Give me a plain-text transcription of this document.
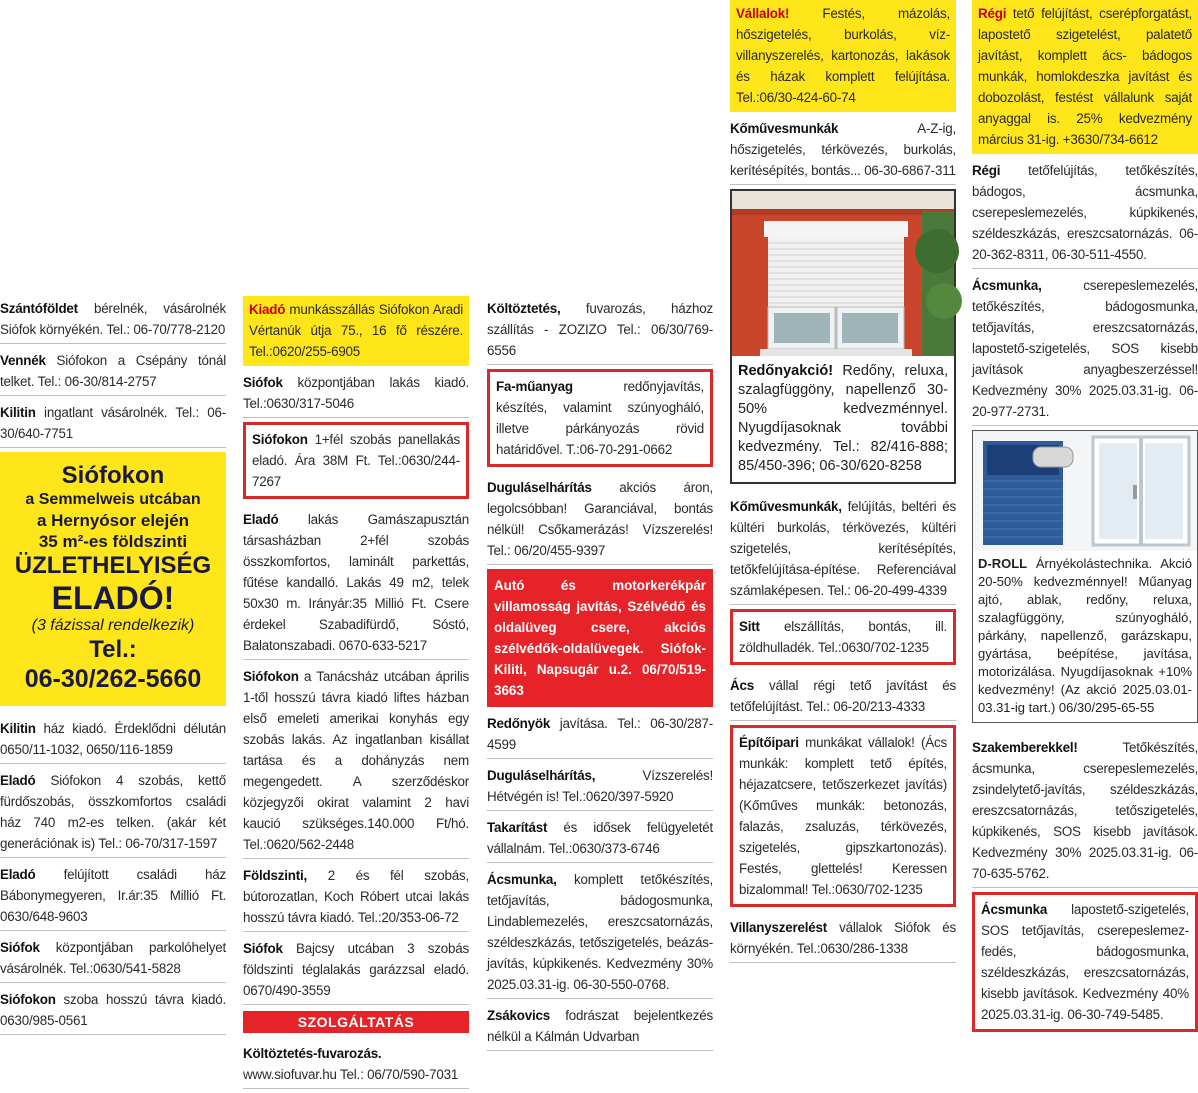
Szántóföldet bérelnék, vásárolnék Siófok környékén. Tel.: 06-70/778-2120
Vennék Siófokon a Csépány tónál telket. Tel.: 06-30/814-2757
Kilitin ingatlant vásárolnék. Tel.: 06-30/640-7751
Siófokon
a Semmelweis utcában
a Hernyósor elején
35 m²-es földszinti
ÜZLETHELYISÉG
ELADÓ!
(3 fázissal rendelkezik)
Tel.:
06-30/262-5660
Kilitin ház kiadó. Érdeklődni délután 0650/11-1032, 0650/116-1859
Eladó Siófokon 4 szobás, kettő fürdőszobás, összkomfortos családi ház 740 m2-es telken. (akár két generációnak is) Tel.: 06-70/317-1597
Eladó felújított családi ház Bábonymegyeren, Ir.ár:35 Millió Ft. 0630/648-9603
Siófok központjában parkolóhelyet vásárolnék. Tel.:0630/541-5828
Siófokon szoba hosszú távra kiadó. 0630/985-0561
Kiadó munkásszállás Siófokon Aradi Vértanúk útja 75., 16 fő részére. Tel.:0620/255-6905
Siófok központjában lakás kiadó. Tel.:0630/317-5046
Siófokon 1+fél szobás panellakás eladó. Ára 38M Ft. Tel.:0630/244-7267
Eladó lakás Gamászapusztán társasházban 2+fél szobás összkomfortos, laminált parkettás, fűtése kandalló. Lakás 49 m2, telek 50x30 m. Irányár:35 Millió Ft. Csere érdekel Szabadifürdő, Sóstó, Balatonszabadi. 0670-633-5217
Siófokon a Tanácsház utcában április 1-től hosszú távra kiadó liftes házban első emeleti amerikai konyhás egy szobás lakás. Az ingatlanban kisállat tartása és a dohányzás nem megengedett. A szerződéskor közjegyzői okirat valamint 2 havi kaució szükséges.140.000 Ft/hó. Tel.:0620/562-2448
Földszinti, 2 és fél szobás, bútorozatlan, Koch Róbert utcai lakás hosszú távra kiadó. Tel.:20/353-06-72
Siófok Bajcsy utcában 3 szobás földszinti téglalakás garázzsal eladó. 0670/490-3559
SZOLGÁLTATÁS
Költöztetés-fuvarozás. www.siofuvar.hu Tel.: 06/70/590-7031
Költöztetés, fuvarozás, házhoz szállítás - ZOZIZO Tel.: 06/30/769-6556
Fa-műanyag redőnyjavítás, készítés, valamint szúnyogháló, illetve párkányozás rövid határidővel. T.:06-70-291-0662
Duguláselhárítás akciós áron, legolcsóbban! Garanciával, bontás nélkül! Csőkamerázás! Vízszerelés! Tel.: 06/20/455-9397
Autó és motorkerékpár villamosság javítás, Szélvédő és oldalüveg csere, akciós szélvédők-oldalüvegek. Siófok-Kiliti, Napsugár u.2. 06/70/519-3663
Redőnyök javítása. Tel.: 06-30/287-4599
Duguláselhárítás, Vízszerelés! Hétvégén is! Tel.:0620/397-5920
Takarítást és idősek felügyeletét vállalnám. Tel.:0630/373-6746
Ácsmunka, komplett tetőkészítés, tetőjavítás, bádogosmunka, Lindablemezelés, ereszcsatornázás, széldeszkázás, tetőszigetelés, beázás-javítás, kúpkikenés. Kedvezmény 30% 2025.03.31-ig. 06-30-550-0768.
Zsákovics fodrászat bejelentkezés nélkül a Kálmán Udvarban
Vállalok! Festés, mázolás, hőszigetelés, burkolás, víz-villanyszerelés, kartonozás, lakások és házak komplett felújítása. Tel.:06/30-424-60-74
Kőművesmunkák A-Z-ig, hőszigetelés, térkövezés, burkolás, kerítésépítés, bontás... 06-30-6867-311
Redőnyakció! Redőny, reluxa, szalagfüggöny, napellenző 30-50% kedvezménnyel. Nyugdíjasoknak további kedvezmény. Tel.: 82/416-888; 85/450-396; 06-30/620-8258
Kőművesmunkák, felújítás, beltéri és kültéri burkolás, térkövezés, kültéri szigetelés, kerítésépítés, tetőkfelújítása-építése. Referenciával számlaképesen. Tel.: 06-20-499-4339
Sitt elszállítás, bontás, ill. zöldhulladék. Tel.:0630/702-1235
Ács vállal régi tető javítást és tetőfelújítást. Tel.: 06-20/213-4333
Építőipari munkákat vállalok! (Ács munkák: komplett tető építés, héjazatcsere, tetőszerkezet javítás) (Kőműves munkák: betonozás, falazás, zsaluzás, térkövezés, szigetelés, gipszkartonozás). Festés, glettelés! Keressen bizalommal! Tel.:0630/702-1235
Villanyszerelést vállalok Siófok és környékén. Tel.:0630/286-1338
Régi tető felújítást, cserépforgatást, lapostető szigetelést, palatető javítást, komplett ács- bádogos munkák, homlokdeszka javítást és dobozolást, festést vállalunk saját anyaggal is. 25% kedvezmény március 31-ig. +3630/734-6612
Régi tetőfelújítás, tetőkészítés, bádogos, ácsmunka, cserepeslemezelés, kúpkikenés, széldeszkázás, ereszcsatornázás. 06-20-362-8311, 06-30-511-4550.
Ácsmunka, cserepeslemezelés, tetőkészítés, bádogosmunka, tetőjavítás, ereszcsatornázás, lapostető-szigetelés, SOS kisebb javítások anyagbeszerzéssel! Kedvezmény 30% 2025.03.31-ig. 06-20-977-2731.
D-ROLL Árnyékolástechnika. Akció 20-50% kedvezménnyel! Műanyag ajtó, ablak, redőny, reluxa, szalagfüggöny, szúnyogháló, párkány, napellenző, garázskapu, gyártása, beépítése, javítása, motorizálása. Nyugdíjasoknak +10% kedvezmény! (Az akció 2025.03.01-03.31-ig tart.) 06/30/295-65-55
Szakemberekkel! Tetőkészítés, ácsmunka, cserepeslemezelés, zsindelytető-javítás, széldeszkázás, ereszcsatornázás, tetőszigetelés, kúpkikenés, SOS kisebb javítások. Kedvezmény 30% 2025.03.31-ig. 06-70-635-5762.
Ácsmunka lapostető-szigetelés, SOS tetőjavítás, cserepeslemez-fedés, bádogosmunka, széldeszkázás, ereszcsatornázás, kisebb javítások. Kedvezmény 40% 2025.03.31-ig. 06-30-749-5485.
